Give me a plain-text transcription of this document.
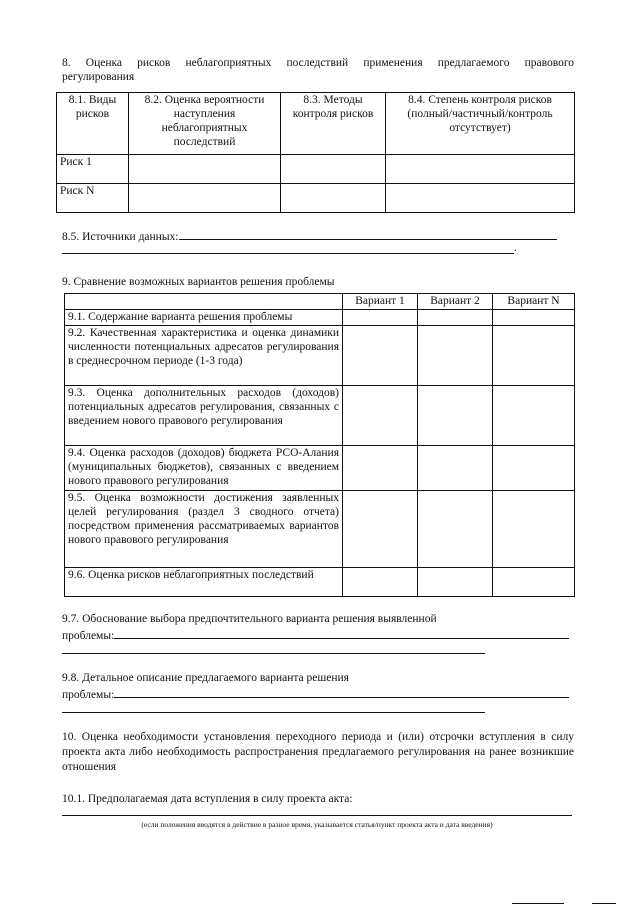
8. Оценка рисков неблагоприятных последствий применения предлагаемого правового
регулирования
8.1. Виды рисков	8.2. Оценка вероятности наступления неблагоприятных последствий	8.3. Методы контроля рисков	8.4. Степень контроля рисков (полный/частичный/контроль отсутствует)
Риск 1			
Риск N			
8.5. Источники данных:
.
9. Сравнение возможных вариантов решения проблемы
	Вариант 1	Вариант 2	Вариант N
9.1. Содержание варианта решения проблемы			
9.2. Качественная характеристика и оценка динамики численности потенциальных адресатов регулирования в среднесрочном периоде (1-3 года)			
9.3. Оценка дополнительных расходов (доходов) потенциальных адресатов регулирования, связанных с введением нового правового регулирования			
9.4. Оценка расходов (доходов) бюджета РСО-Алания (муниципальных бюджетов), связанных с введением нового правового регулирования			
9.5. Оценка возможности достижения заявленных целей регулирования (раздел 3 сводного отчета) посредством применения рассматриваемых вариантов нового правового регулирования			
9.6. Оценка рисков неблагоприятных последствий			
9.7. Обоснование выбора предпочтительного варианта решения выявленной
проблемы:
9.8. Детальное описание предлагаемого варианта решения
проблемы:
10. Оценка необходимости установления переходного периода и (или) отсрочки вступления в силу проекта акта либо необходимость распространения предлагаемого регулирования на ранее возникшие отношения
10.1. Предполагаемая дата вступления в силу проекта акта:
(если положения вводятся в действие в разное время, указывается статья/пункт проекта акта и дата введения)
